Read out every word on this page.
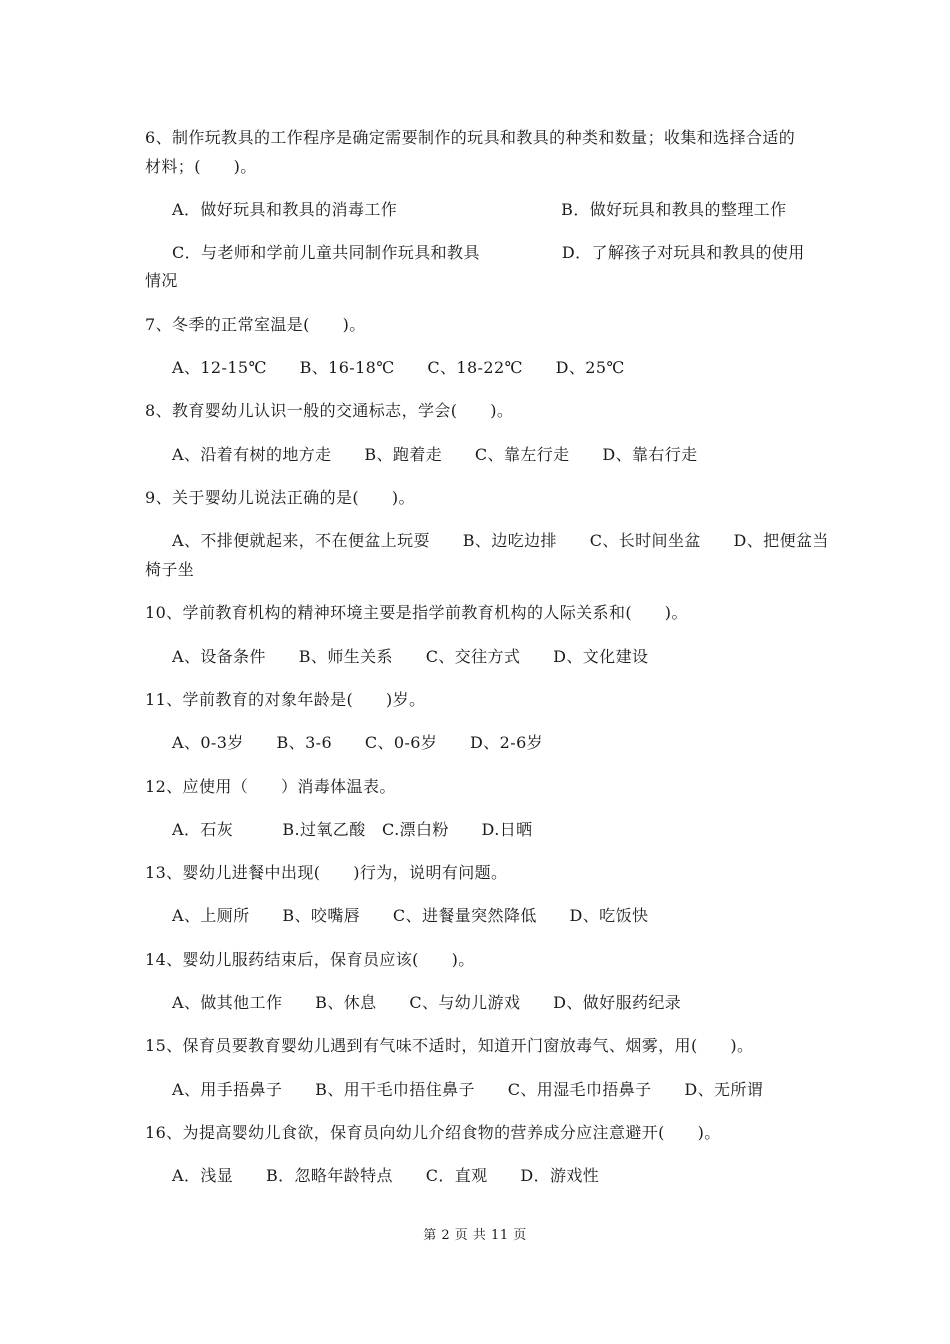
6、制作玩教具的工作程序是确定需要制作的玩具和教具的种类和数量；收集和选择合适的
材料；(　　)。
A．做好玩具和教具的消毒工作　　　　　　　　　　B．做好玩具和教具的整理工作
C．与老师和学前儿童共同制作玩具和教具　　　　　D．了解孩子对玩具和教具的使用
情况
7、冬季的正常室温是(　　)。
A、12-15℃　　B、16-18℃　　C、18-22℃　　D、25℃
8、教育婴幼儿认识一般的交通标志，学会(　　)。
A、沿着有树的地方走　　B、跑着走　　C、靠左行走　　D、靠右行走
9、关于婴幼儿说法正确的是(　　)。
A、不排便就起来，不在便盆上玩耍　　B、边吃边排　　C、长时间坐盆　　D、把便盆当
椅子坐
10、学前教育机构的精神环境主要是指学前教育机构的人际关系和(　　)。
A、设备条件　　B、师生关系　　C、交往方式　　D、文化建设
11、学前教育的对象年龄是(　　)岁。
A、0-3岁　　B、3-6　　C、0-6岁　　D、2-6岁
12、应使用（　　）消毒体温表。
A．石灰　　　B.过氧乙酸　C.漂白粉　　D.日晒
13、婴幼儿进餐中出现(　　)行为，说明有问题。
A、上厕所　　B、咬嘴唇　　C、进餐量突然降低　　D、吃饭快
14、婴幼儿服药结束后，保育员应该(　　)。
A、做其他工作　　B、休息　　C、与幼儿游戏　　D、做好服药纪录
15、保育员要教育婴幼儿遇到有气味不适时，知道开门窗放毒气、烟雾，用(　　)。
A、用手捂鼻子　　B、用干毛巾捂住鼻子　　C、用湿毛巾捂鼻子　　D、无所谓
16、为提高婴幼儿食欲，保育员向幼儿介绍食物的营养成分应注意避开(　　)。
A．浅显　　B．忽略年龄特点　　C．直观　　D．游戏性
第 2 页 共 11 页
